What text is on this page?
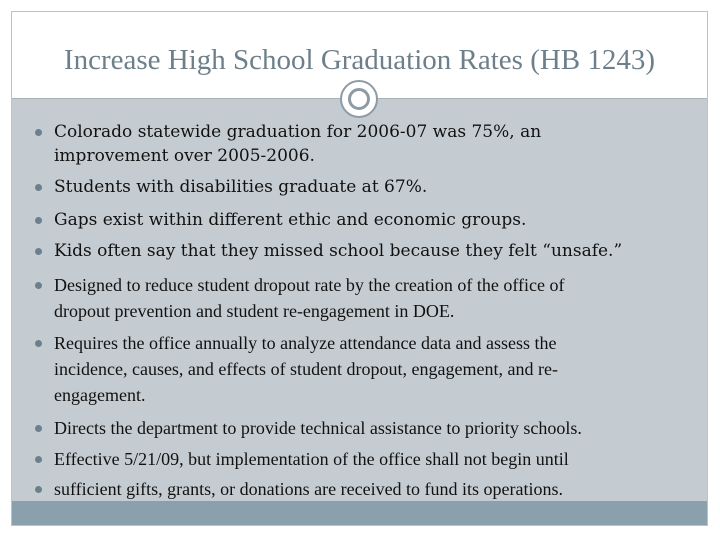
Increase High School Graduation Rates (HB 1243)
Colorado statewide graduation for 2006-07 was 75%, an
improvement over 2005-2006.
Students with disabilities graduate at 67%.
Gaps exist within different ethic and economic groups.
Kids often say that they missed school because they felt “unsafe.”
Designed to reduce student dropout rate by the creation of the office of
dropout prevention and student re-engagement in DOE.
Requires the office annually to analyze attendance data and assess the
incidence, causes, and effects of student dropout, engagement, and re-
engagement.
Directs the department to provide technical assistance to priority schools.
Effective 5/21/09, but implementation of the office shall not begin until
sufficient gifts, grants, or donations are received to fund its operations.
